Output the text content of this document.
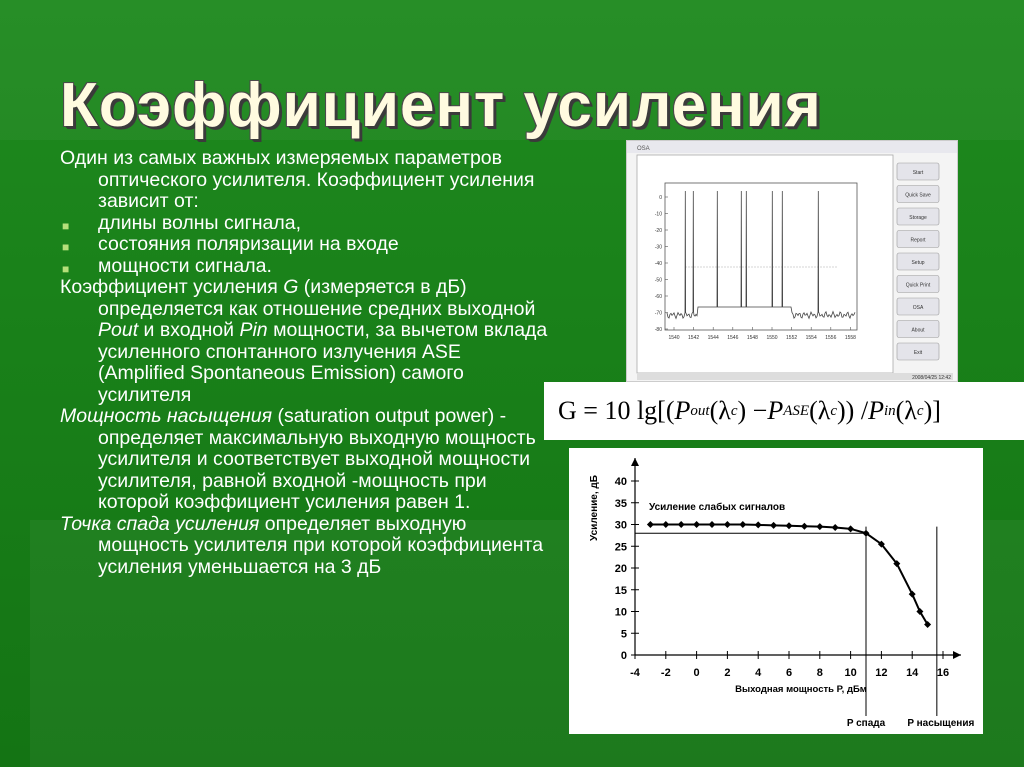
Коэффициент усиления
Один из самых важных измеряемых параметров оптического усилителя. Коэффициент усиления зависит от:
■ длины волны сигнала,
■ состояния поляризации на входе
■ мощности сигнала.
Коэффициент усиления G (измеряется в дБ) определяется как отношение средних выходной Pout и входной Pin мощности, за вычетом вклада усиленного спонтанного излучения ASE (Amplified Spontaneous Emission) самого усилителя
Мощность насыщения (saturation output power) - определяет максимальную выходную мощность усилителя и соответствует выходной мощности усилителя, равной входной -мощность при которой коэффициент усиления равен 1.
Точка спада усиления определяет выходную мощность усилителя при которой коэффициента усиления уменьшается на 3 дБ
OSA
0
-10
-20
-30
-40
-50
-60
-70
-80
1540 1542 1544 1546 1548 1550 1552 1554 1556 1558
Start
Quick Save
Storage
Report
Setup
Quick Print
OSA
About
Exit
2008/04/25 12:42
G = 10 lg [( P out ( λ c ) − P ASE ( λ c )) / P in ( λ c )]
Усиление, дБ
Выходная мощность Р, дБм
Усиление слабых сигналов
0
5
10
15
20
25
30
35
40
-4 -2 0 2 4 6 8 10 12 14 16
P спада P насыщения
